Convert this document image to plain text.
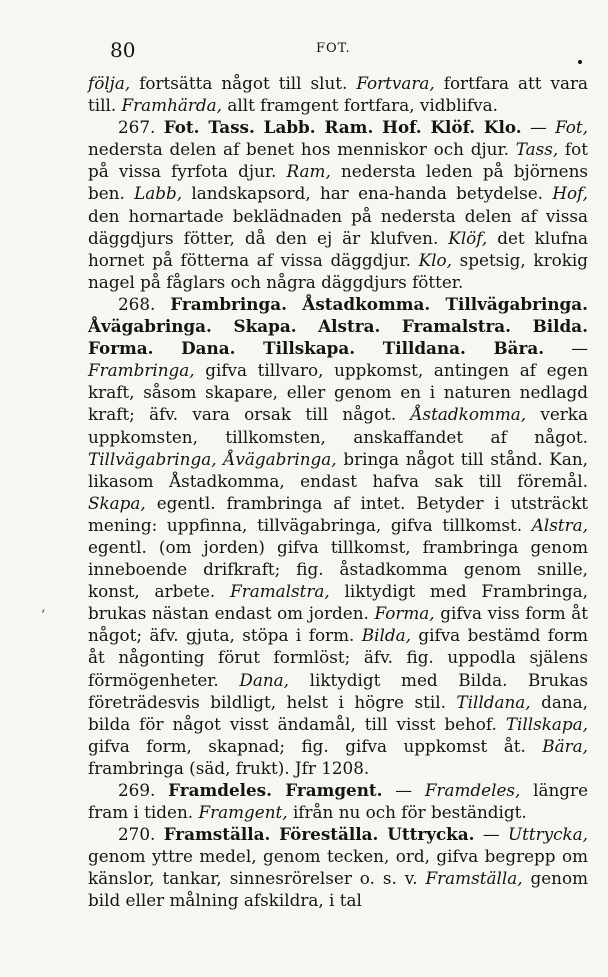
80	FOT.

följa, fortsätta något till slut. Fortvara, fortfara att vara till. Framhärda, allt framgent fortfara, vidblifva.

267. Fot. Tass. Labb. Ram. Hof. Klöf. Klo. — Fot, nedersta delen af benet hos menniskor och djur. Tass, fot på vissa fyrfota djur. Ram, nedersta leden på björnens ben. Labb, landskapsord, har ena-handa betydelse. Hof, den hornartade beklädnaden på nedersta delen af vissa däggdjurs fötter, då den ej är klufven. Klöf, det klufna hornet på fötterna af vissa däggdjur. Klo, spetsig, krokig nagel på fåglars och några däggdjurs fötter.

268. Frambringa. Åstadkomma. Tillvägabringa. Åvägabringa. Skapa. Alstra. Framalstra. Bilda. Forma. Dana. Tillskapa. Tilldana. Bära. — Frambringa, gifva tillvaro, uppkomst, antingen af egen kraft, såsom skapare, eller genom en i naturen nedlagd kraft; äfv. vara orsak till något. Åstadkomma, verka uppkomsten, tillkomsten, anskaffandet af något. Tillvägabringa, Åvägabringa, bringa något till stånd. Kan, likasom Åstadkomma, endast hafva sak till föremål. Skapa, egentl. frambringa af intet. Betyder i utsträckt mening: uppfinna, tillvägabringa, gifva tillkomst. Alstra, egentl. (om jorden) gifva tillkomst, frambringa genom inneboende drifkraft; fig. åstadkomma genom snille, konst, arbete. Framalstra, liktydigt med Frambringa, brukas nästan endast om jorden. Forma, gifva viss form åt något; äfv. gjuta, stöpa i form. Bilda, gifva bestämd form åt någonting förut formlöst; äfv. fig. uppodla själens förmögenheter. Dana, liktydigt med Bilda. Brukas företrädesvis bildligt, helst i högre stil. Tilldana, dana, bilda för något visst ändamål, till visst behof. Tillskapa, gifva form, skapnad; fig. gifva uppkomst åt. Bära, frambringa (säd, frukt). Jfr 1208.

269. Framdeles. Framgent. — Framdeles, längre fram i tiden. Framgent, ifrån nu och för beständigt.

270. Framställa. Föreställa. Uttrycka. — Uttrycka, genom yttre medel, genom tecken, ord, gifva begrepp om känslor, tankar, sinnesrörelser o. s. v. Framställa, genom bild eller målning afskildra, i tal

‘
